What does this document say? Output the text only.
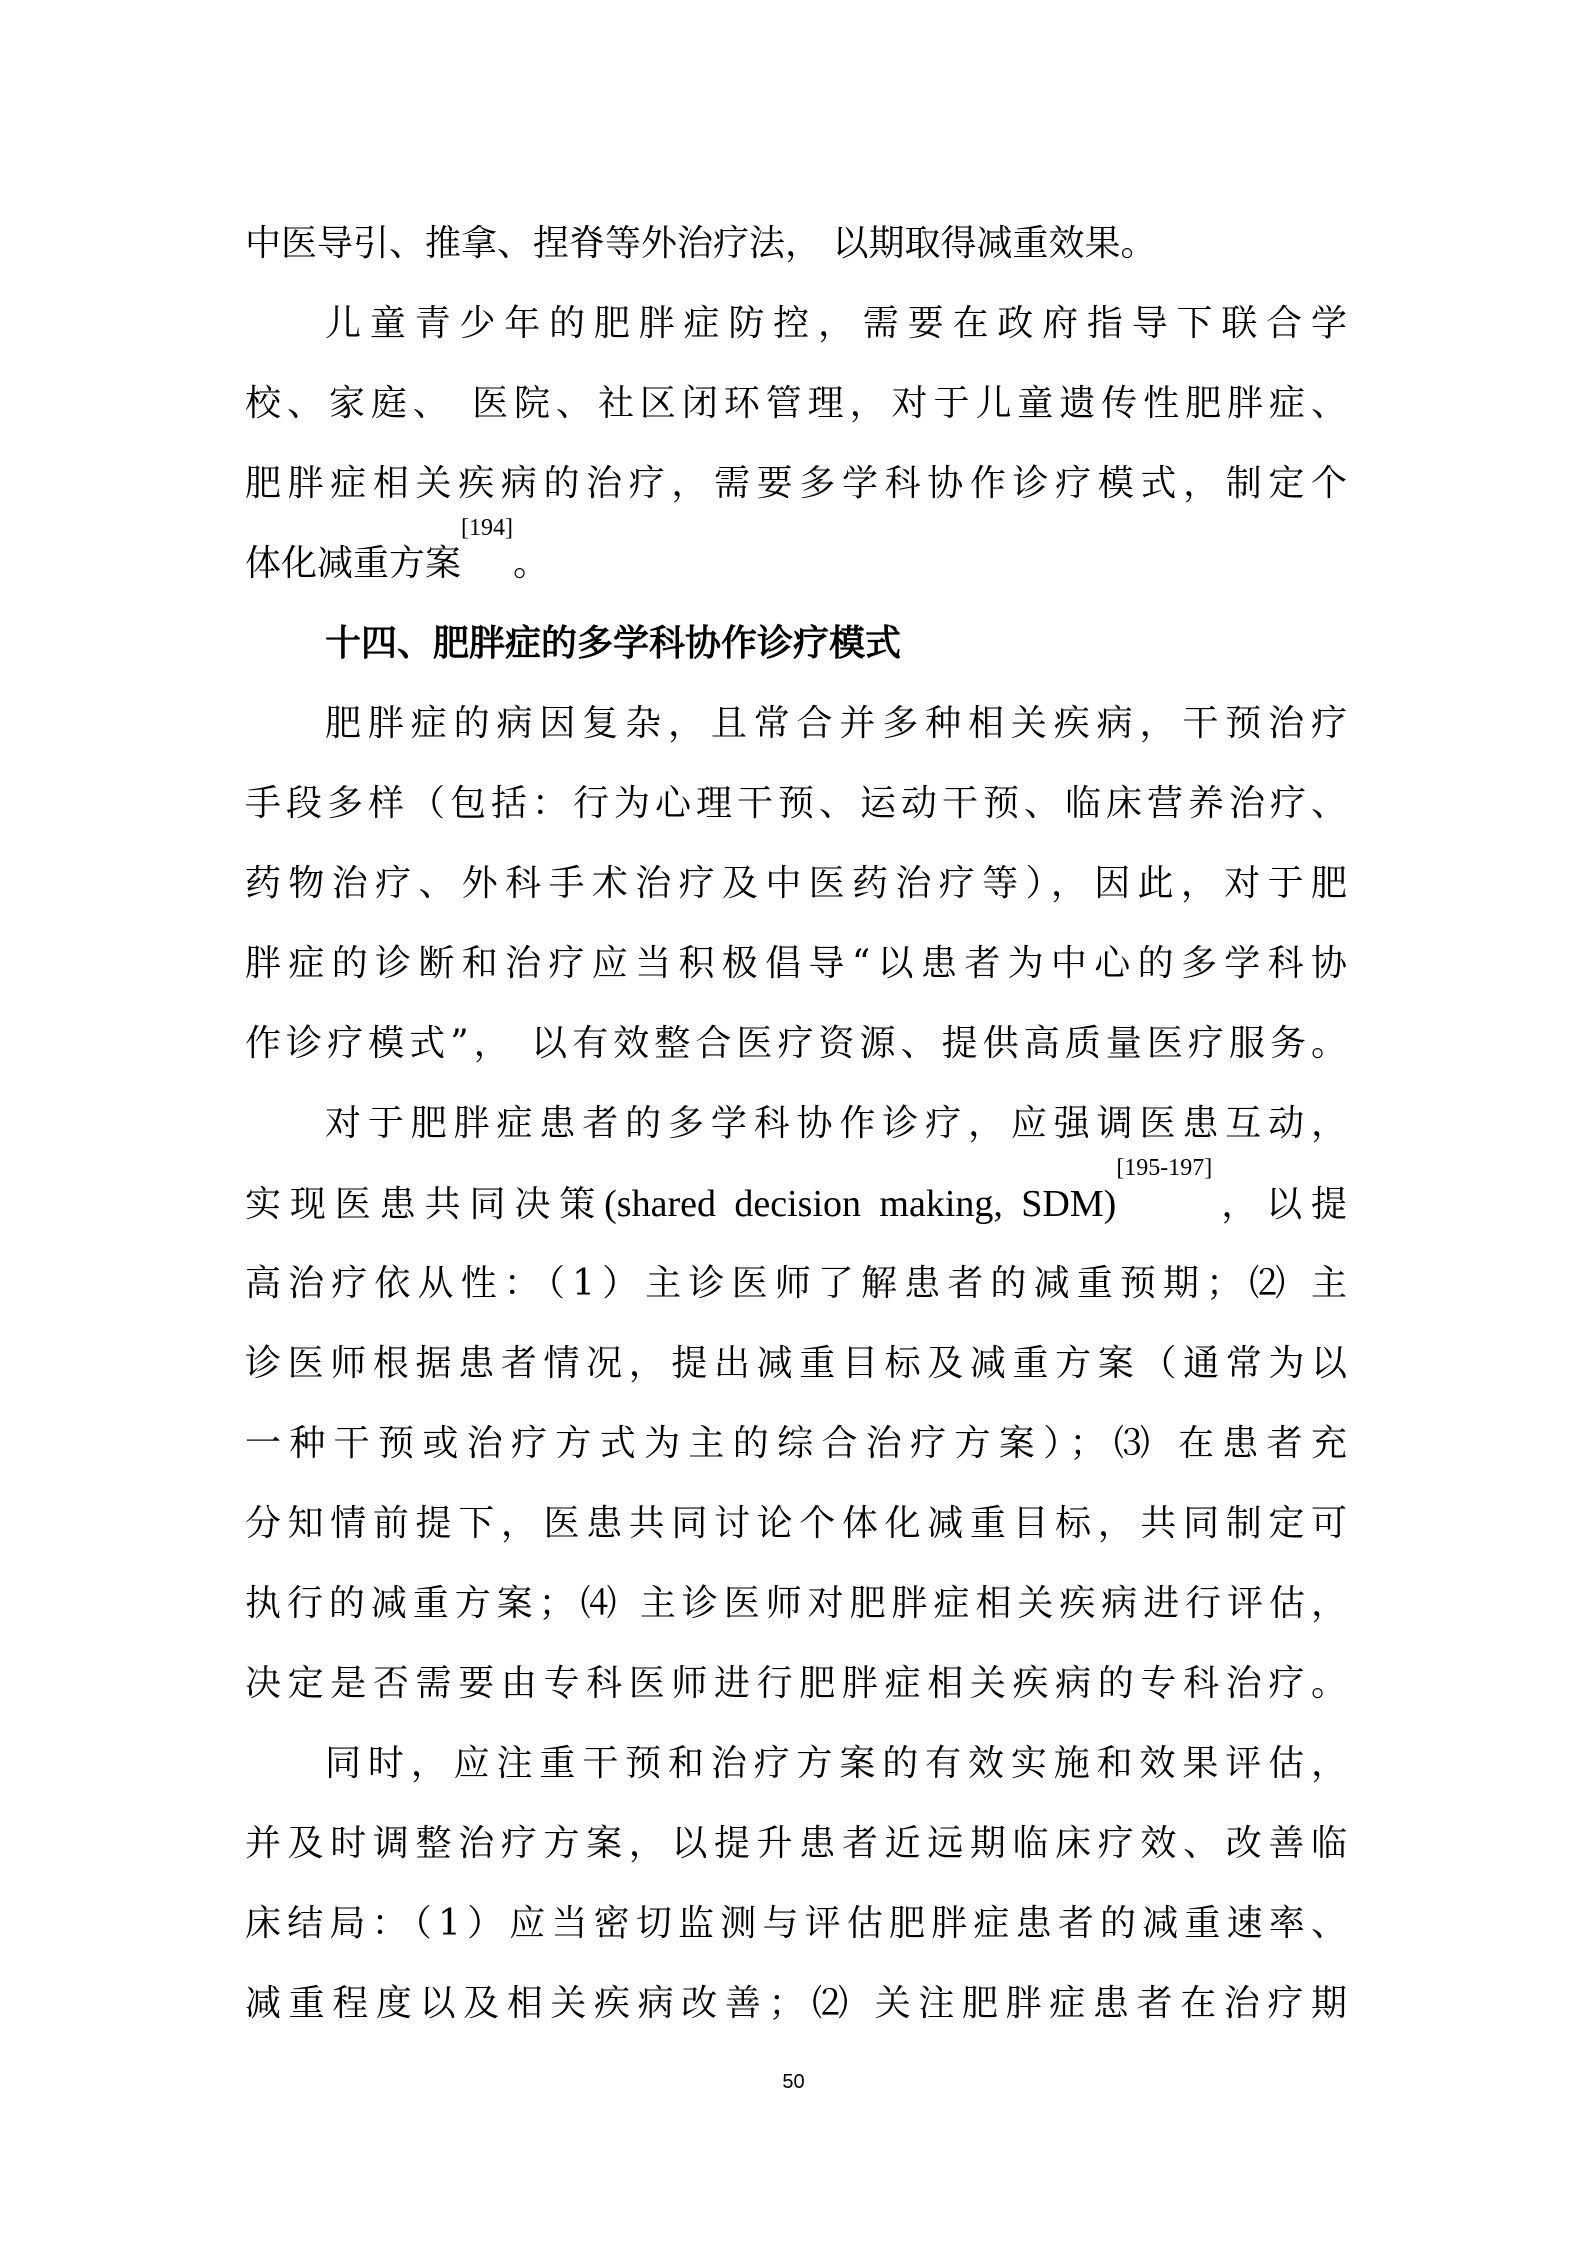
中医导引、推拿、捏脊等外治疗法， 以期取得减重效果。
儿童青少年的肥胖症防控，需要在政府指导下联合学
校、家庭、 医院、社区闭环管理，对于儿童遗传性肥胖症、
肥胖症相关疾病的治疗，需要多学科协作诊疗模式，制定个
体化减重方案[194]。
十四、肥胖症的多学科协作诊疗模式
肥胖症的病因复杂，且常合并多种相关疾病，干预治疗
手段多样（包括：行为心理干预、运动干预、临床营养治疗、
药物治疗、外科手术治疗及中医药治疗等），因此，对于肥
胖症的诊断和治疗应当积极倡导“以患者为中心的多学科协
作诊疗模式”， 以有效整合医疗资源、提供高质量医疗服务。
对于肥胖症患者的多学科协作诊疗，应强调医患互动，
实现医患共同决策(shared decision making, SDM)[195-197]，以提
高治疗依从性：（1）主诊医师了解患者的减重预期；⑵ 主
诊医师根据患者情况，提出减重目标及减重方案（通常为以
一种干预或治疗方式为主的综合治疗方案）；⑶ 在患者充
分知情前提下，医患共同讨论个体化减重目标，共同制定可
执行的减重方案；⑷ 主诊医师对肥胖症相关疾病进行评估，
决定是否需要由专科医师进行肥胖症相关疾病的专科治疗。
同时，应注重干预和治疗方案的有效实施和效果评估，
并及时调整治疗方案，以提升患者近远期临床疗效、改善临
床结局：（1）应当密切监测与评估肥胖症患者的减重速率、
减重程度以及相关疾病改善；⑵ 关注肥胖症患者在治疗期
50
